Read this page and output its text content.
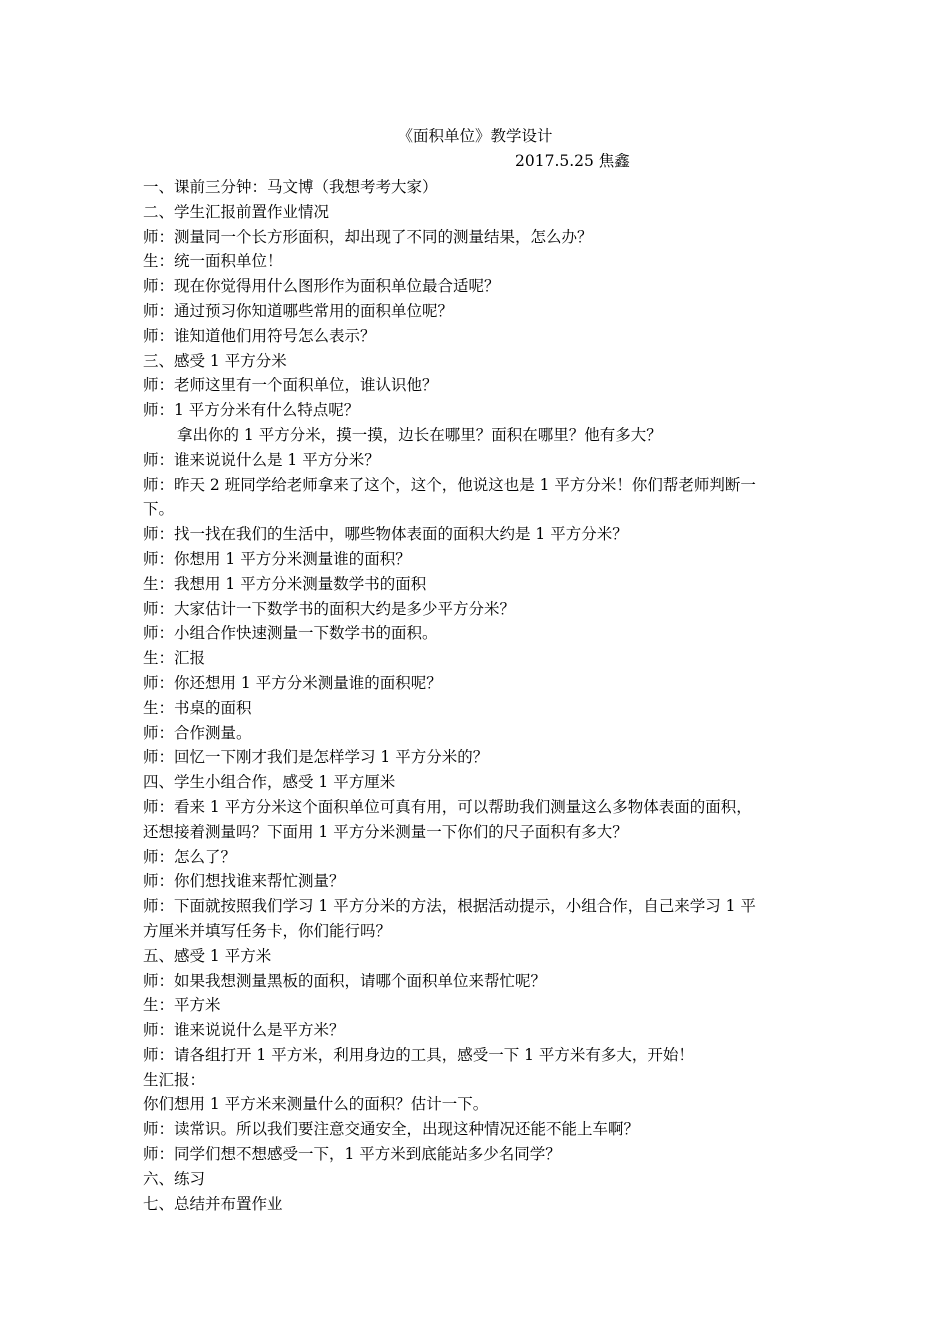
《面积单位》教学设计
2017.5.25 焦鑫
一、课前三分钟：马文博（我想考考大家）
二、学生汇报前置作业情况
师：测量同一个长方形面积，却出现了不同的测量结果，怎么办？
生：统一面积单位！
师：现在你觉得用什么图形作为面积单位最合适呢？
师：通过预习你知道哪些常用的面积单位呢？
师：谁知道他们用符号怎么表示？
三、感受 1 平方分米
师：老师这里有一个面积单位，谁认识他？
师：1 平方分米有什么特点呢？
拿出你的 1 平方分米，摸一摸，边长在哪里？面积在哪里？他有多大？
师：谁来说说什么是 1 平方分米？
师：昨天 2 班同学给老师拿来了这个，这个，他说这也是 1 平方分米！你们帮老师判断一
下。
师：找一找在我们的生活中，哪些物体表面的面积大约是 1 平方分米？
师：你想用 1 平方分米测量谁的面积？
生：我想用 1 平方分米测量数学书的面积
师：大家估计一下数学书的面积大约是多少平方分米？
师：小组合作快速测量一下数学书的面积。
生：汇报
师：你还想用 1 平方分米测量谁的面积呢？
生：书桌的面积
师：合作测量。
师：回忆一下刚才我们是怎样学习 1 平方分米的？
四、学生小组合作，感受 1 平方厘米
师：看来 1 平方分米这个面积单位可真有用，可以帮助我们测量这么多物体表面的面积，
还想接着测量吗？下面用 1 平方分米测量一下你们的尺子面积有多大？
师：怎么了？
师：你们想找谁来帮忙测量？
师：下面就按照我们学习 1 平方分米的方法，根据活动提示，小组合作，自己来学习 1 平
方厘米并填写任务卡，你们能行吗？
五、感受 1 平方米
师：如果我想测量黑板的面积，请哪个面积单位来帮忙呢？
生：平方米
师：谁来说说什么是平方米？
师：请各组打开 1 平方米，利用身边的工具，感受一下 1 平方米有多大，开始！
生汇报：
你们想用 1 平方米来测量什么的面积？估计一下。
师：读常识。所以我们要注意交通安全，出现这种情况还能不能上车啊？
师：同学们想不想感受一下，1 平方米到底能站多少名同学？
六、练习
七、总结并布置作业
